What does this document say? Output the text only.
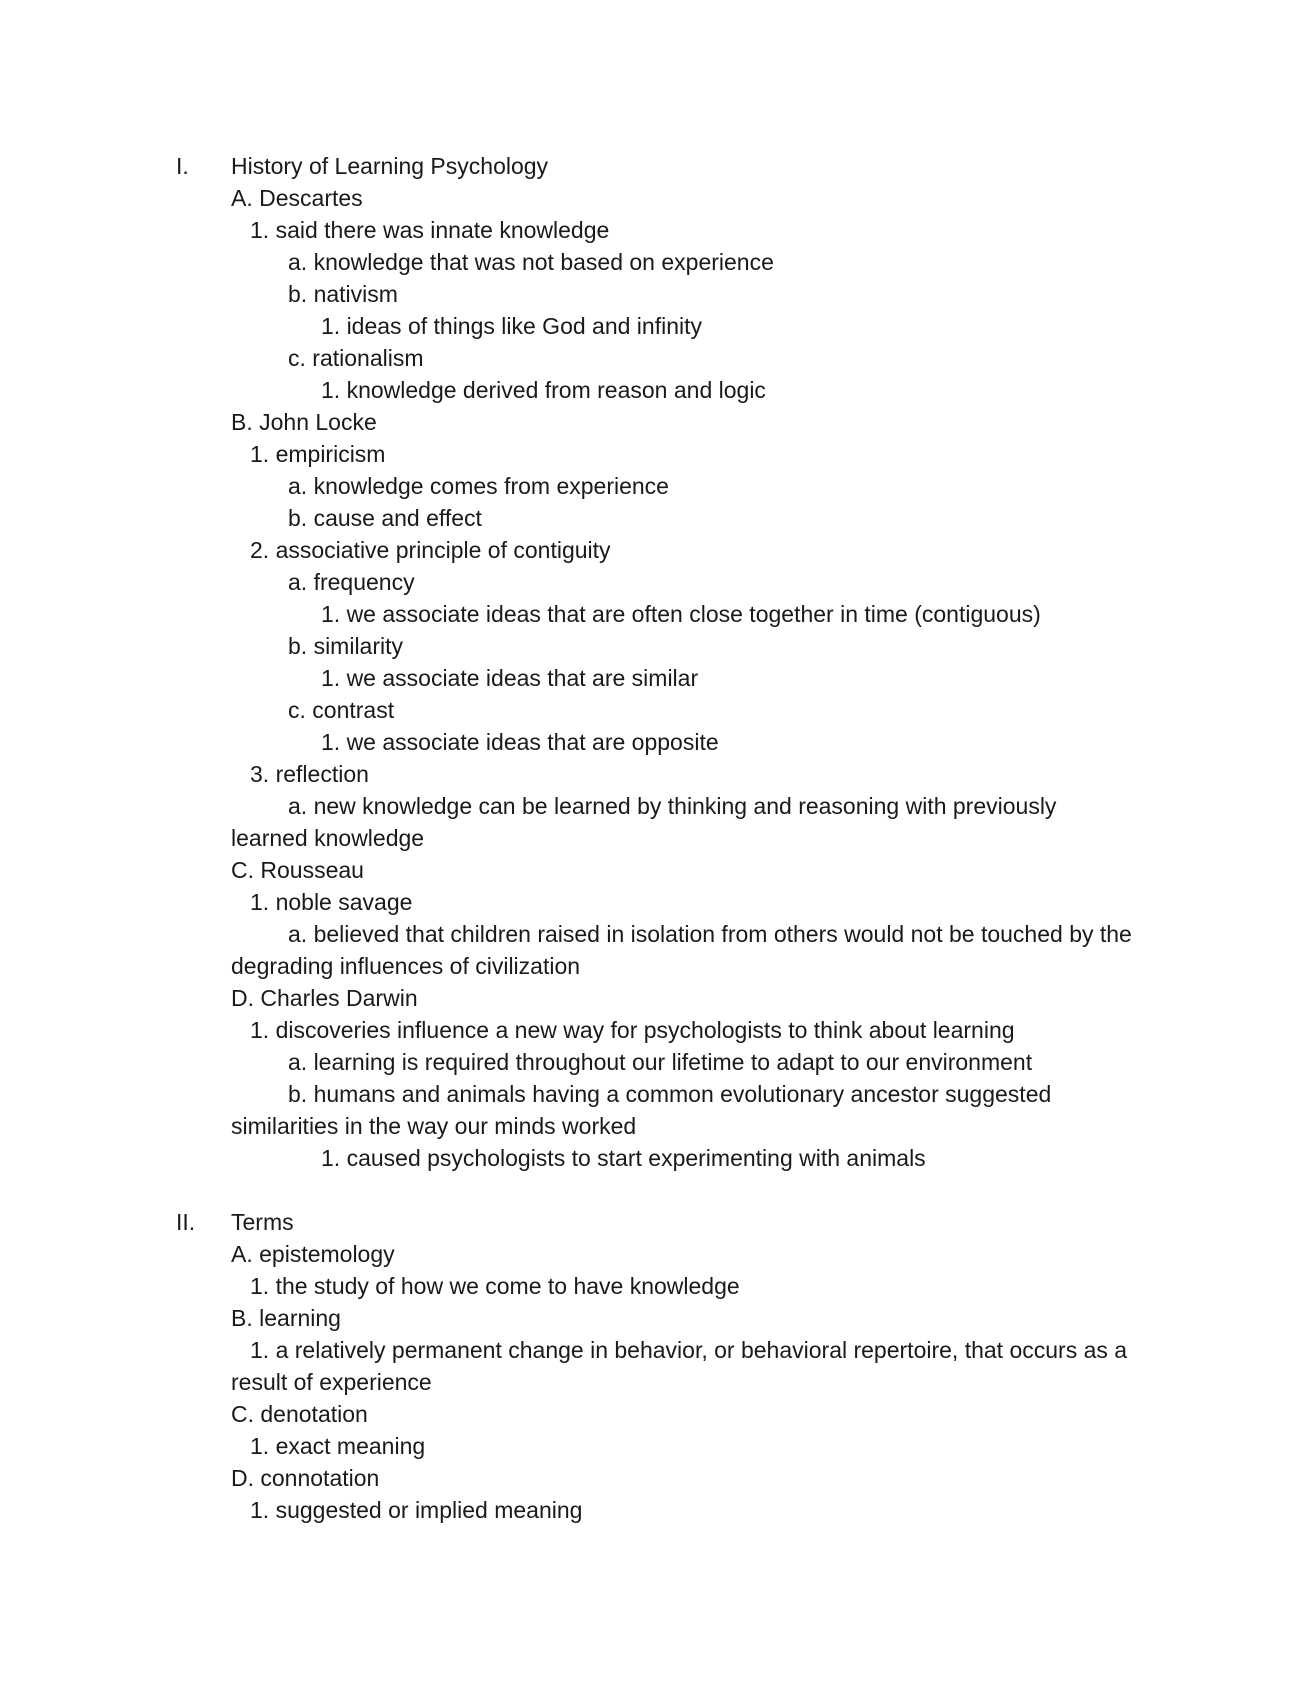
I. History of Learning Psychology
A. Descartes
1. said there was innate knowledge
a. knowledge that was not based on experience
b. nativism
1. ideas of things like God and infinity
c. rationalism
1. knowledge derived from reason and logic
B. John Locke
1. empiricism
a. knowledge comes from experience
b. cause and effect
2. associative principle of contiguity
a. frequency
1. we associate ideas that are often close together in time (contiguous)
b. similarity
1. we associate ideas that are similar
c. contrast
1. we associate ideas that are opposite
3. reflection
a. new knowledge can be learned by thinking and reasoning with previously
learned knowledge
C. Rousseau
1. noble savage
a. believed that children raised in isolation from others would not be touched by the
degrading influences of civilization
D. Charles Darwin
1. discoveries influence a new way for psychologists to think about learning
a. learning is required throughout our lifetime to adapt to our environment
b. humans and animals having a common evolutionary ancestor suggested
similarities in the way our minds worked
1. caused psychologists to start experimenting with animals
II. Terms
A. epistemology
1. the study of how we come to have knowledge
B. learning
1. a relatively permanent change in behavior, or behavioral repertoire, that occurs as a
result of experience
C. denotation
1. exact meaning
D. connotation
1. suggested or implied meaning
